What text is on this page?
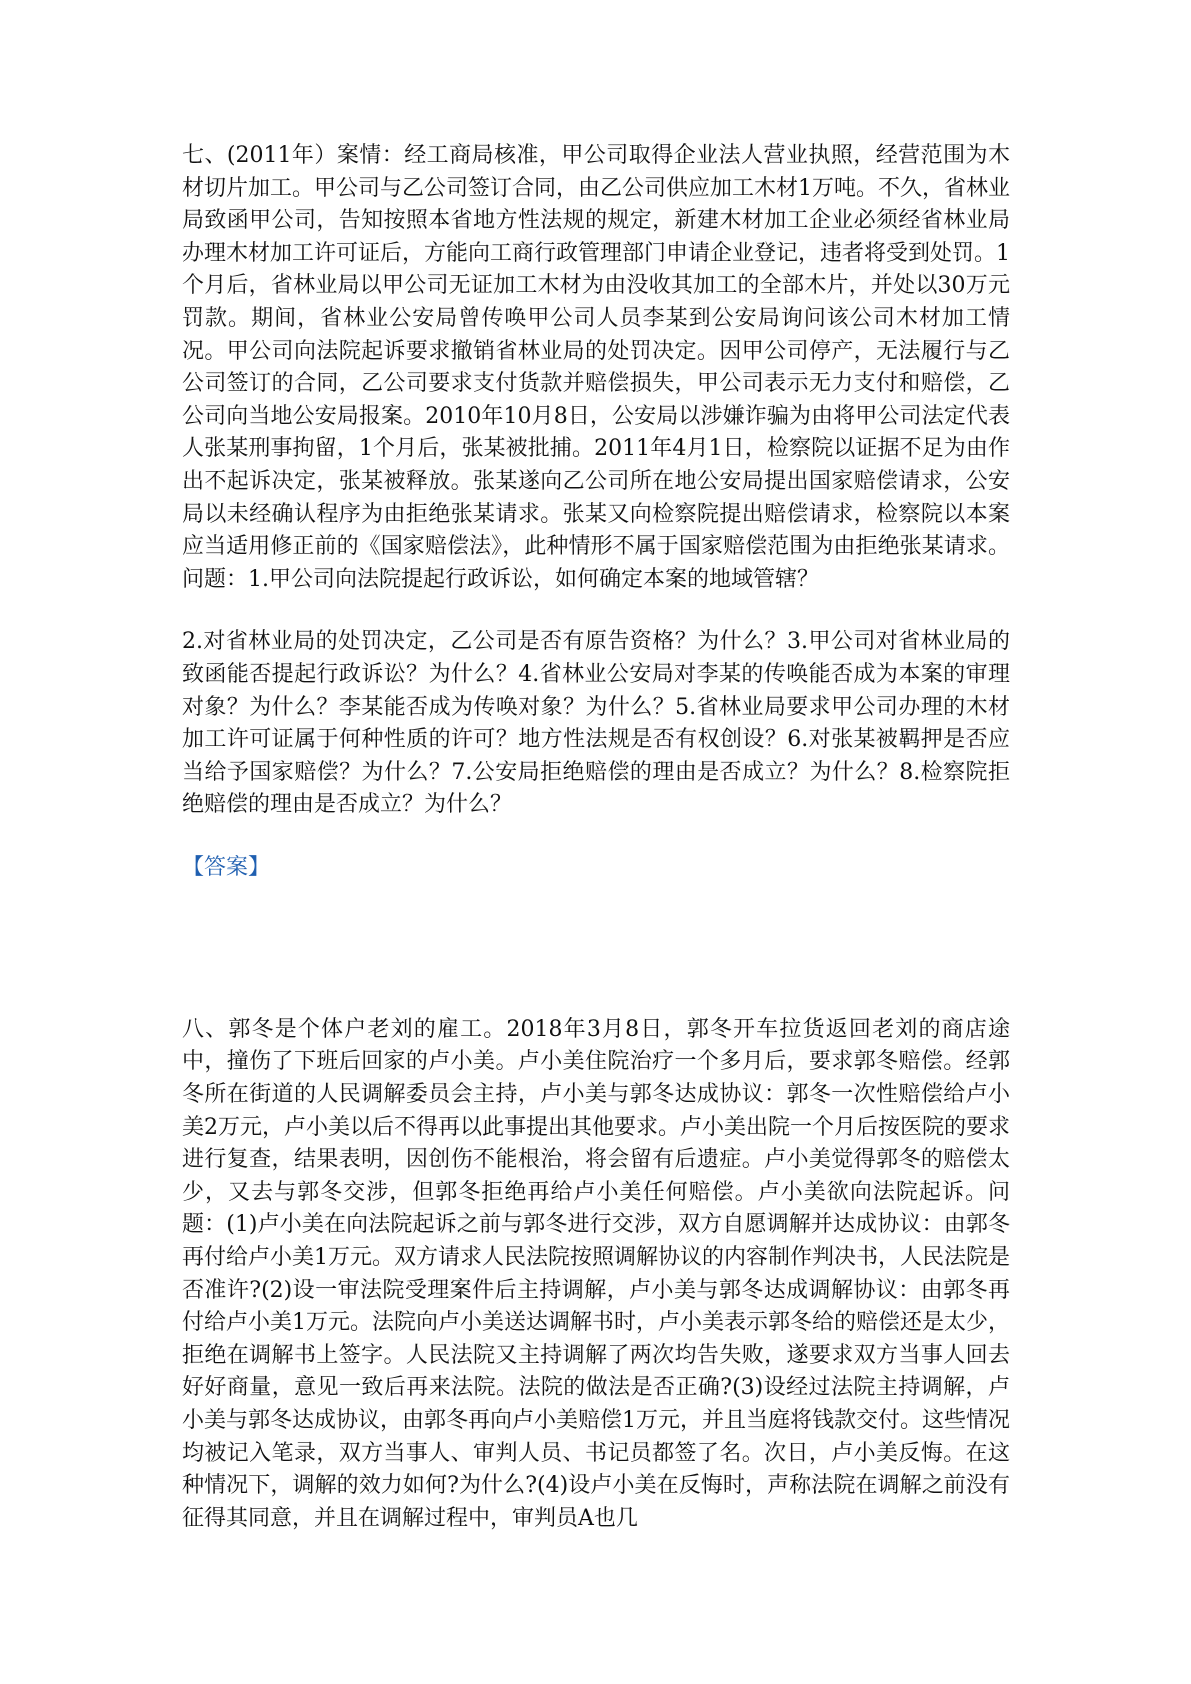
七、(2011年）案情：经工商局核准，甲公司取得企业法人营业执照，经营范围为木材切片加工。甲公司与乙公司签订合同，由乙公司供应加工木材1万吨。不久，省林业局致函甲公司，告知按照本省地方性法规的规定，新建木材加工企业必须经省林业局办理木材加工许可证后，方能向工商行政管理部门申请企业登记，违者将受到处罚。1个月后，省林业局以甲公司无证加工木材为由没收其加工的全部木片，并处以30万元罚款。期间，省林业公安局曾传唤甲公司人员李某到公安局询问该公司木材加工情况。甲公司向法院起诉要求撤销省林业局的处罚决定。因甲公司停产，无法履行与乙公司签订的合同，乙公司要求支付货款并赔偿损失，甲公司表示无力支付和赔偿，乙公司向当地公安局报案。2010年10月8日，公安局以涉嫌诈骗为由将甲公司法定代表人张某刑事拘留，1个月后，张某被批捕。2011年4月1日，检察院以证据不足为由作出不起诉决定，张某被释放。张某遂向乙公司所在地公安局提出国家赔偿请求，公安局以未经确认程序为由拒绝张某请求。张某又向检察院提出赔偿请求，检察院以本案应当适用修正前的《国家赔偿法》，此种情形不属于国家赔偿范围为由拒绝张某请求。问题：1.甲公司向法院提起行政诉讼，如何确定本案的地域管辖？

2.对省林业局的处罚决定，乙公司是否有原告资格？为什么？3.甲公司对省林业局的致函能否提起行政诉讼？为什么？4.省林业公安局对李某的传唤能否成为本案的审理对象？为什么？李某能否成为传唤对象？为什么？5.省林业局要求甲公司办理的木材加工许可证属于何种性质的许可？地方性法规是否有权创设？6.对张某被羁押是否应当给予国家赔偿？为什么？7.公安局拒绝赔偿的理由是否成立？为什么？8.检察院拒绝赔偿的理由是否成立？为什么？

【答案】

八、郭冬是个体户老刘的雇工。2018年3月8日，郭冬开车拉货返回老刘的商店途中，撞伤了下班后回家的卢小美。卢小美住院治疗一个多月后，要求郭冬赔偿。经郭冬所在街道的人民调解委员会主持，卢小美与郭冬达成协议：郭冬一次性赔偿给卢小美2万元，卢小美以后不得再以此事提出其他要求。卢小美出院一个月后按医院的要求进行复查，结果表明，因创伤不能根治，将会留有后遗症。卢小美觉得郭冬的赔偿太少，又去与郭冬交涉，但郭冬拒绝再给卢小美任何赔偿。卢小美欲向法院起诉。问题：(1)卢小美在向法院起诉之前与郭冬进行交涉，双方自愿调解并达成协议：由郭冬再付给卢小美1万元。双方请求人民法院按照调解协议的内容制作判决书，人民法院是否准许?(2)设一审法院受理案件后主持调解，卢小美与郭冬达成调解协议：由郭冬再付给卢小美1万元。法院向卢小美送达调解书时，卢小美表示郭冬给的赔偿还是太少，拒绝在调解书上签字。人民法院又主持调解了两次均告失败，遂要求双方当事人回去好好商量，意见一致后再来法院。法院的做法是否正确?(3)设经过法院主持调解，卢小美与郭冬达成协议，由郭冬再向卢小美赔偿1万元，并且当庭将钱款交付。这些情况均被记入笔录，双方当事人、审判人员、书记员都签了名。次日，卢小美反悔。在这种情况下，调解的效力如何?为什么?(4)设卢小美在反悔时，声称法院在调解之前没有征得其同意，并且在调解过程中，审判员A也几
